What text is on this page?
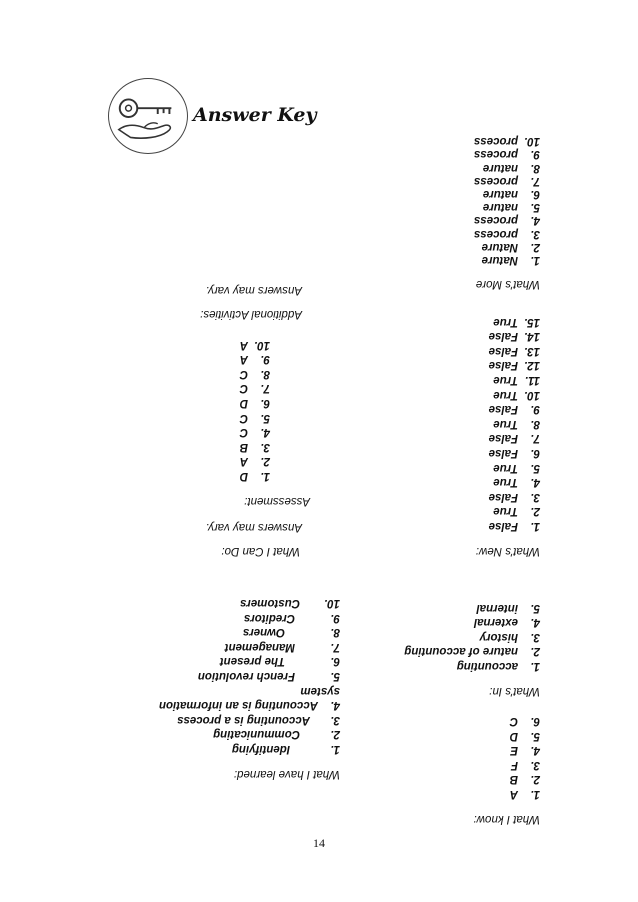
Answer Key
What I know:
1.A
2.B
3.F
4.E
5.D
6.C
What's In:
1.accounting
2.nature of accounting
3.history
4.external
5.internal
What's New:
1.False
2.True
3.False
4.True
5.True
6.False
7.False
8.True
9.False
10.True
11.True
12.False
13.False
14.False
15.True
What's More
1.Nature
2.Nature
3.process
4.process
5.nature
6.nature
7.process
8.nature
9.process
10.process
What I have learned:
1.Identifying
2.Communicating
3.Accounting is a process
4.Accounting is an information system
5.French revolution
6.The present
7.Management
8.Owners
9.Creditors
10.Customers
What I Can Do:
Answers may vary.
Assessment:
1.D
2.A
3.B
4.C
5.C
6.D
7.C
8.C
9.A
10.A
Additional Activities:
Answers may vary.
14
